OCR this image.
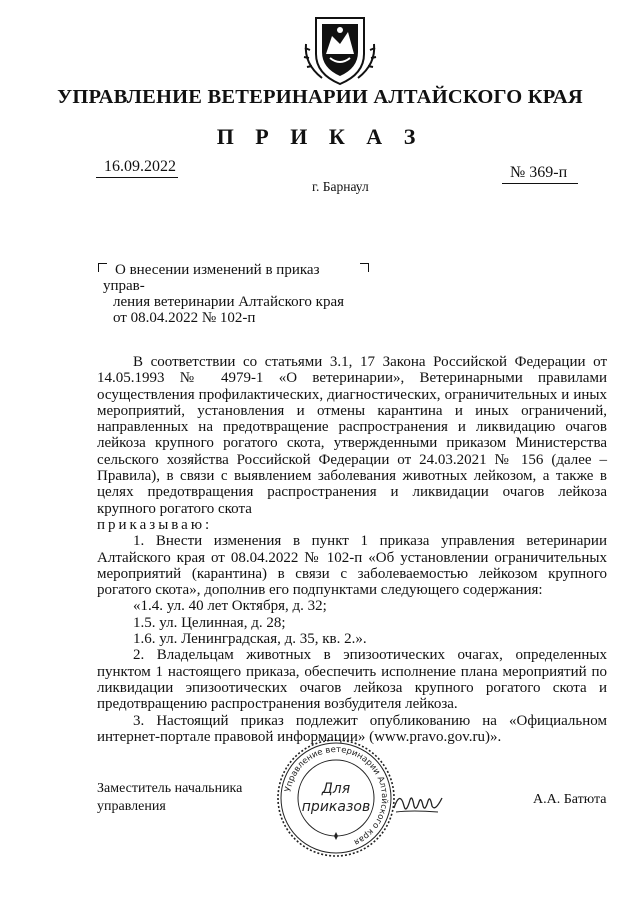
УПРАВЛЕНИЕ ВЕТЕРИНАРИИ АЛТАЙСКОГО КРАЯ
П Р И К А З
16.09.2022	№ 369-п
г. Барнаул

О внесении изменений в приказ управ-

ления ветеринарии Алтайского края

от 08.04.2022 № 102-п

В соответствии со статьями 3.1, 17 Закона Российской Федерации от 14.05.1993 № 4979-1 «О ветеринарии», Ветеринарными правилами осуществления профилактических, диагностических, ограничительных и иных мероприятий, установления и отмены карантина и иных ограничений, направленных на предотвращение распространения и ликвидацию очагов лейкоза крупного рогатого скота, утвержденными приказом Министерства сельского хозяйства Российской Федерации от 24.03.2021 № 156 (далее – Правила), в связи с выявлением заболевания животных лейкозом, а также в целях предотвращения распространения и ликвидации очагов лейкоза крупного рогатого скота

приказываю:

1. Внести изменения в пункт 1 приказа управления ветеринарии Алтайского края от 08.04.2022 № 102-п «Об установлении ограничительных мероприятий (карантина) в связи с заболеваемостью лейкозом крупного рогатого скота», дополнив его подпунктами следующего содержания:

«1.4. ул. 40 лет Октября, д. 32;

1.5. ул. Целинная, д. 28;

1.6. ул. Ленинградская, д. 35, кв. 2.».

2. Владельцам животных в эпизоотических очагах, определенных пунктом 1 настоящего приказа, обеспечить исполнение плана мероприятий по ликвидации эпизоотических очагов лейкоза крупного рогатого скота и предотвращению распространения возбудителя лейкоза.

3. Настоящий приказ подлежит опубликованию на «Официальном интернет-портале правовой информации» (www.pravo.gov.ru)».

Заместитель начальника

управления

Управление ветеринарии Алтайского края
Для
приказов	А.А. Батюта
